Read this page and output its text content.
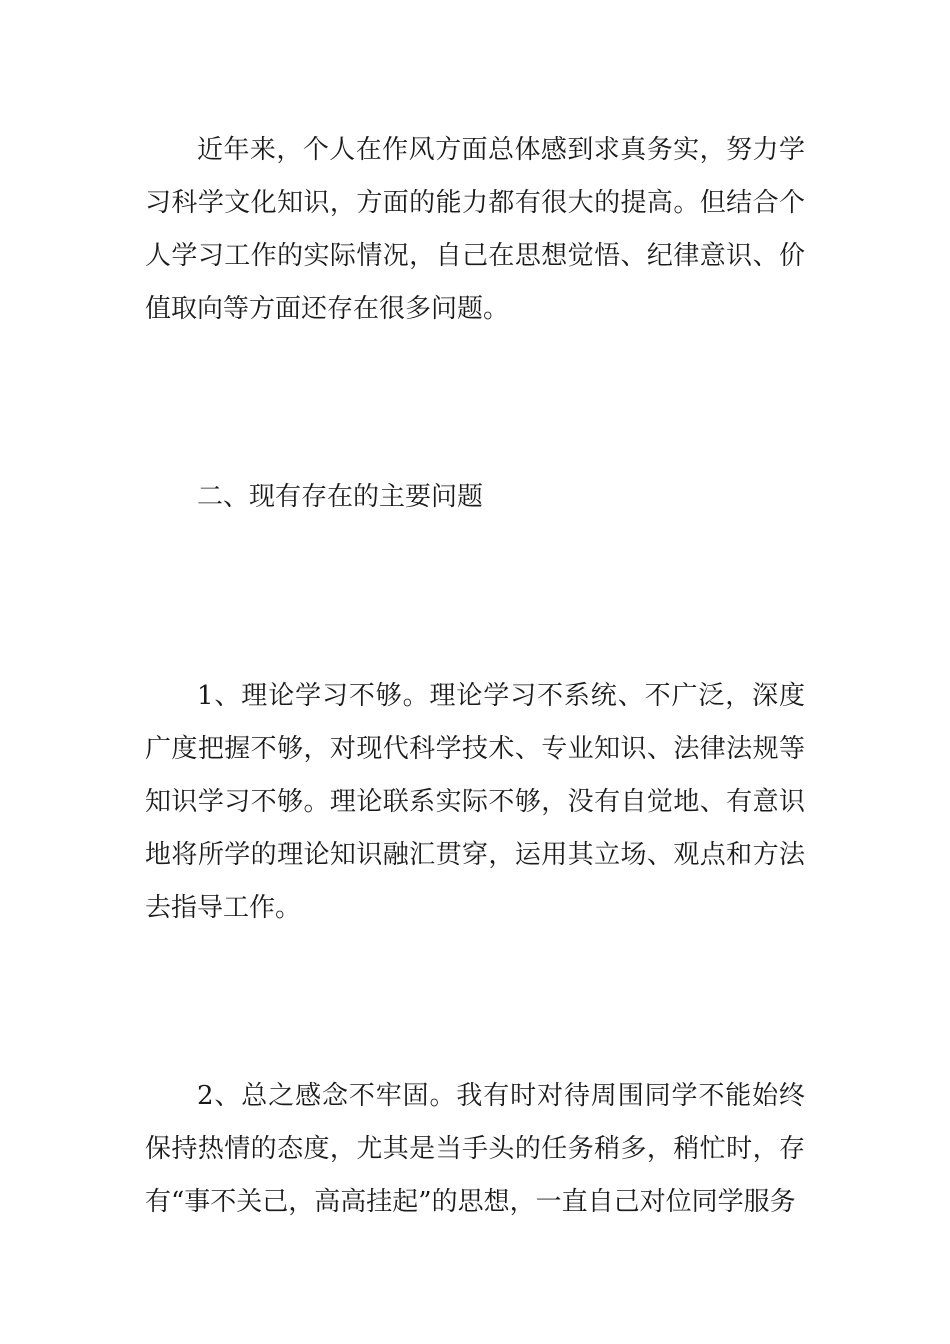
近年来，个人在作风方面总体感到求真务实，努力学习科学文化知识，方面的能力都有很大的提高。但结合个人学习工作的实际情况，自己在思想觉悟、纪律意识、价值取向等方面还存在很多问题。

二、现有存在的主要问题

1、理论学习不够。理论学习不系统、不广泛，深度广度把握不够，对现代科学技术、专业知识、法律法规等知识学习不够。理论联系实际不够，没有自觉地、有意识地将所学的理论知识融汇贯穿，运用其立场、观点和方法去指导工作。

2、总之感念不牢固。我有时对待周围同学不能始终保持热情的态度，尤其是当手头的任务稍多，稍忙时，存有“事不关己，高高挂起”的思想，一直自己对位同学服务
